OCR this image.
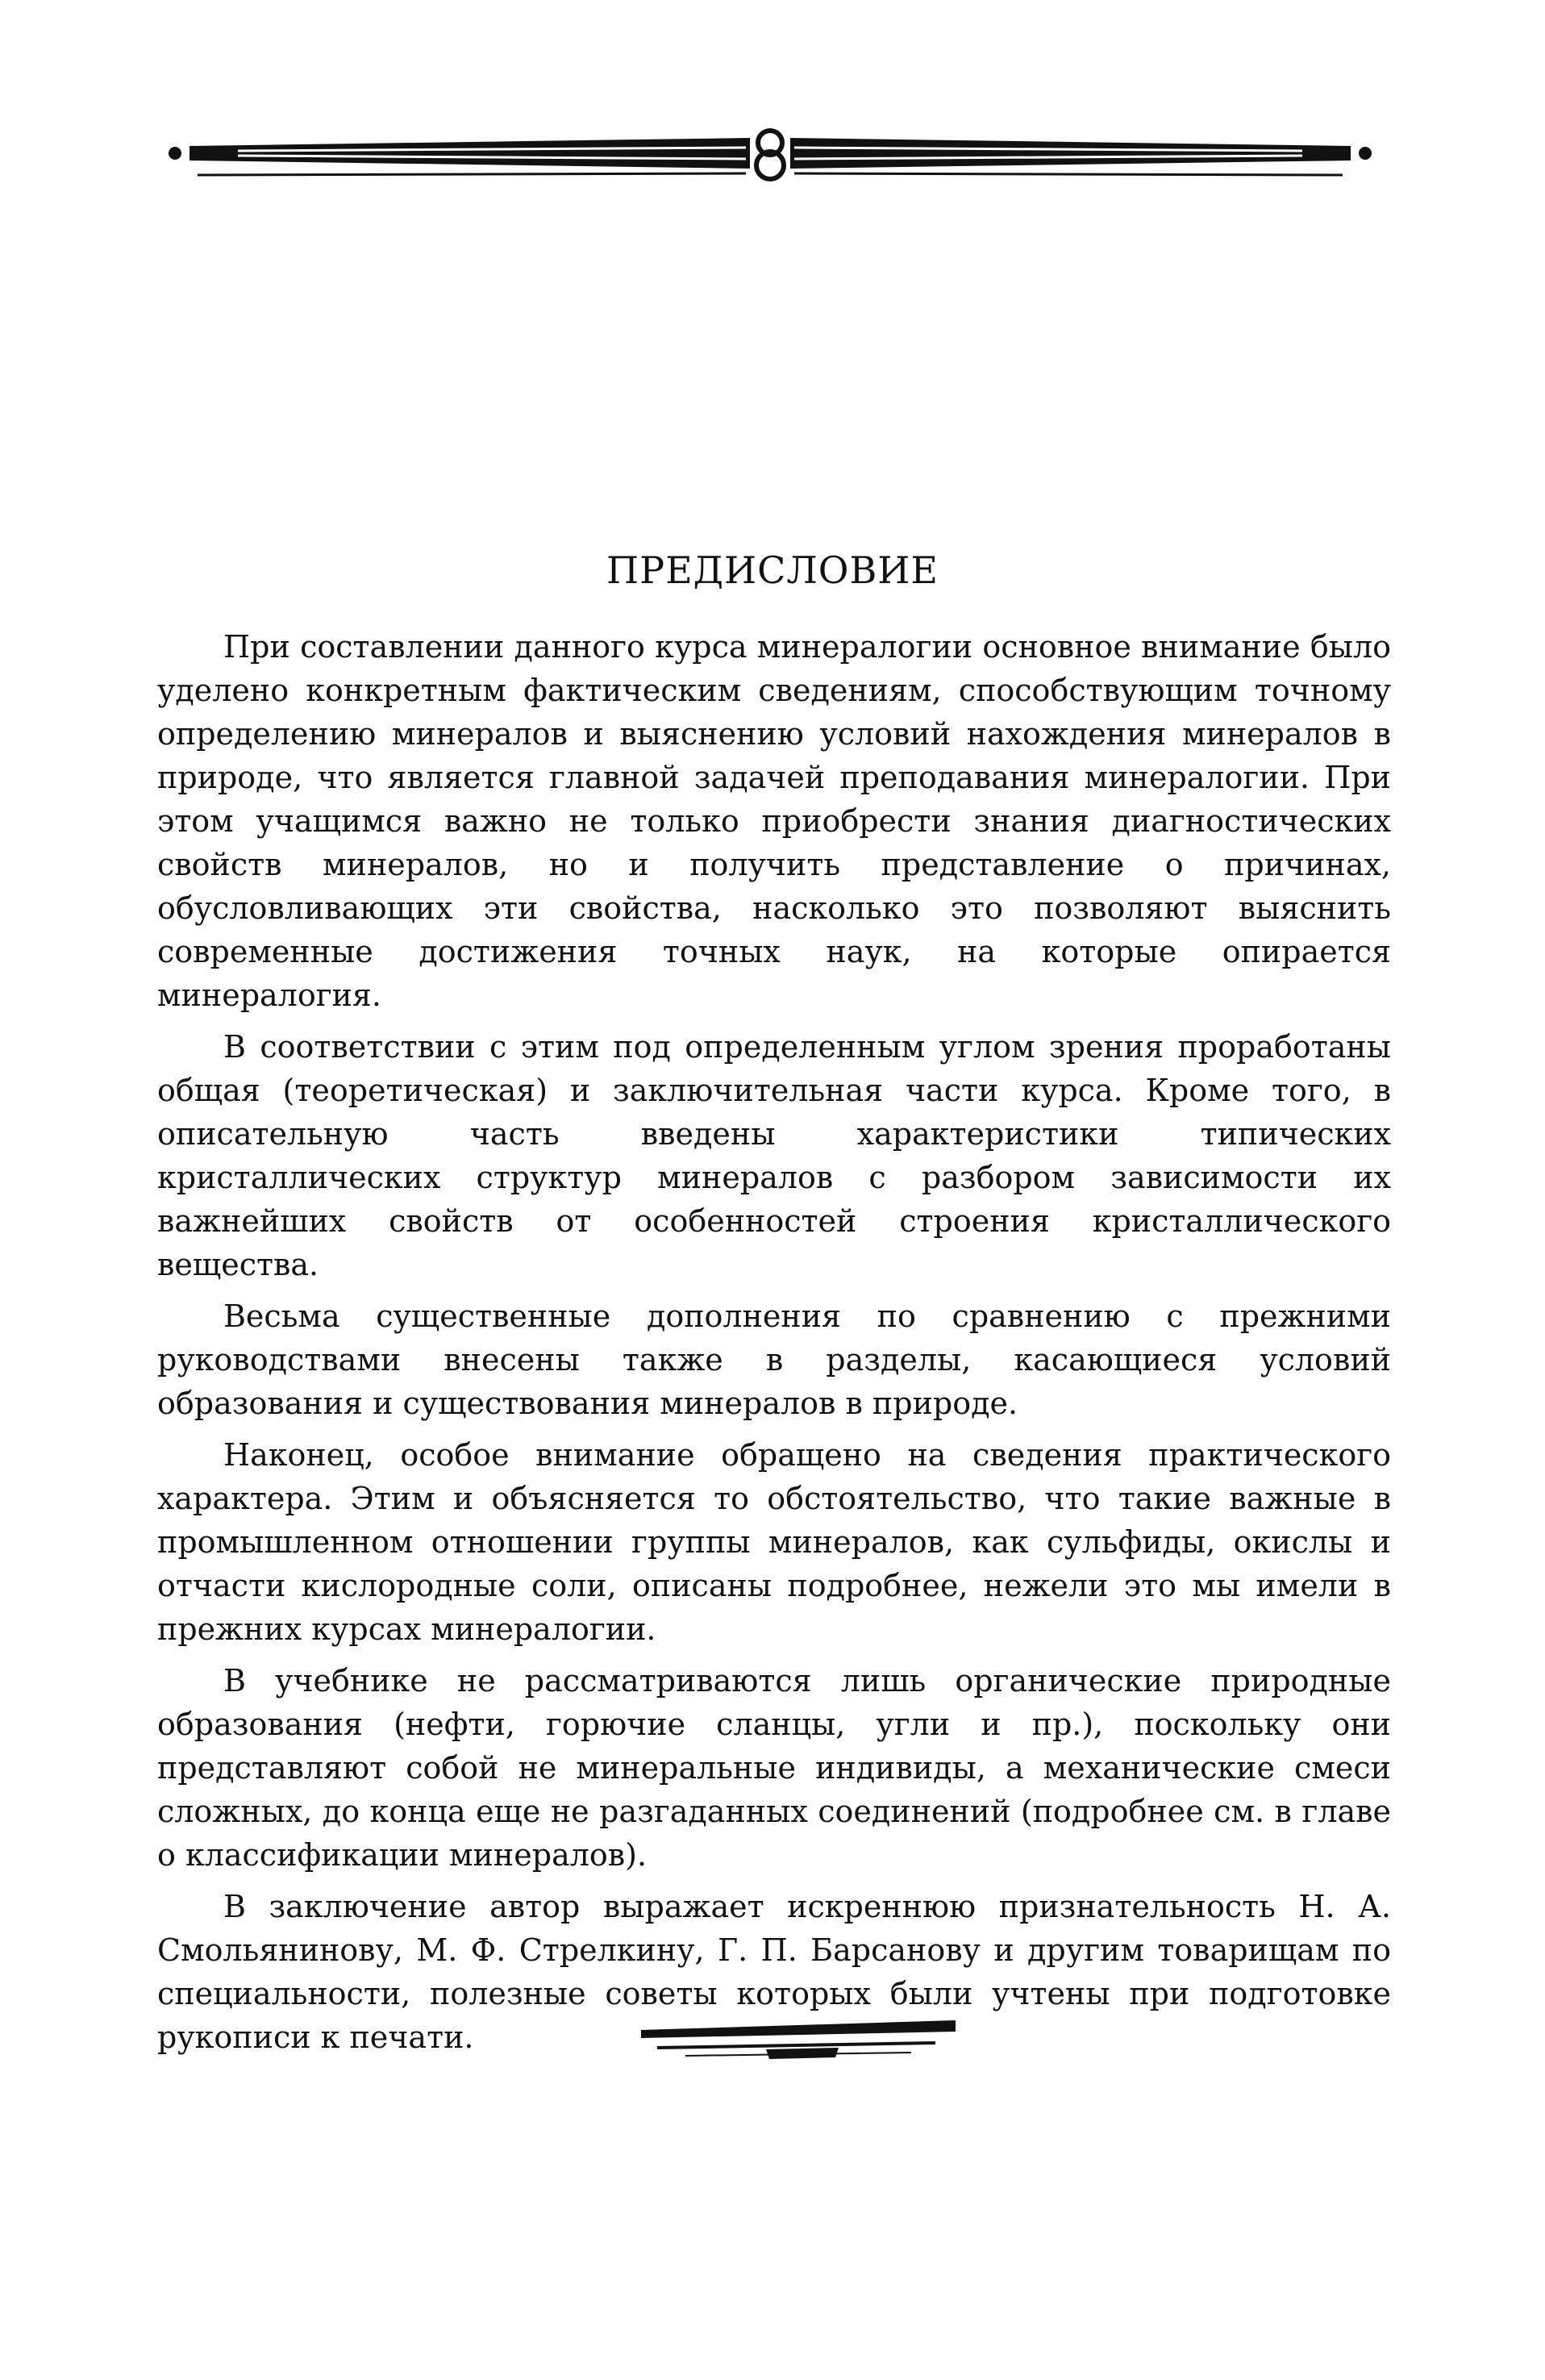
ПРЕДИСЛОВИЕ

При составлении данного курса минералогии основное внимание было уделено конкретным фактическим сведениям, способствующим точному определению минералов и выяснению условий нахождения минералов в природе, что является главной задачей преподавания минералогии. При этом учащимся важно не только приобрести знания диагностических свойств минералов, но и получить представление о причинах, обусловливающих эти свойства, насколько это позволяют выяснить современные достижения точных наук, на которые опирается минералогия.

В соответствии с этим под определенным углом зрения проработаны общая (теоретическая) и заключительная части курса. Кроме того, в описательную часть введены характеристики типических кристаллических структур минералов с разбором зависимости их важнейших свойств от особенностей строения кристаллического вещества.

Весьма существенные дополнения по сравнению с прежними руководствами внесены также в разделы, касающиеся условий образования и существования минералов в природе.

Наконец, особое внимание обращено на сведения практического характера. Этим и объясняется то обстоятельство, что такие важные в промышленном отношении группы минералов, как сульфиды, окислы и отчасти кислородные соли, описаны подробнее, нежели это мы имели в прежних курсах минералогии.

В учебнике не рассматриваются лишь органические природные образования (нефти, горючие сланцы, угли и пр.), поскольку они представляют собой не минеральные индивиды, а механические смеси сложных, до конца еще не разгаданных соединений (подробнее см. в главе о классификации минералов).

В заключение автор выражает искреннюю признательность Н. А. Смольянинову, М. Ф. Стрелкину, Г. П. Барсанову и другим товарищам по специальности, полезные советы которых были учтены при подготовке рукописи к печати.
